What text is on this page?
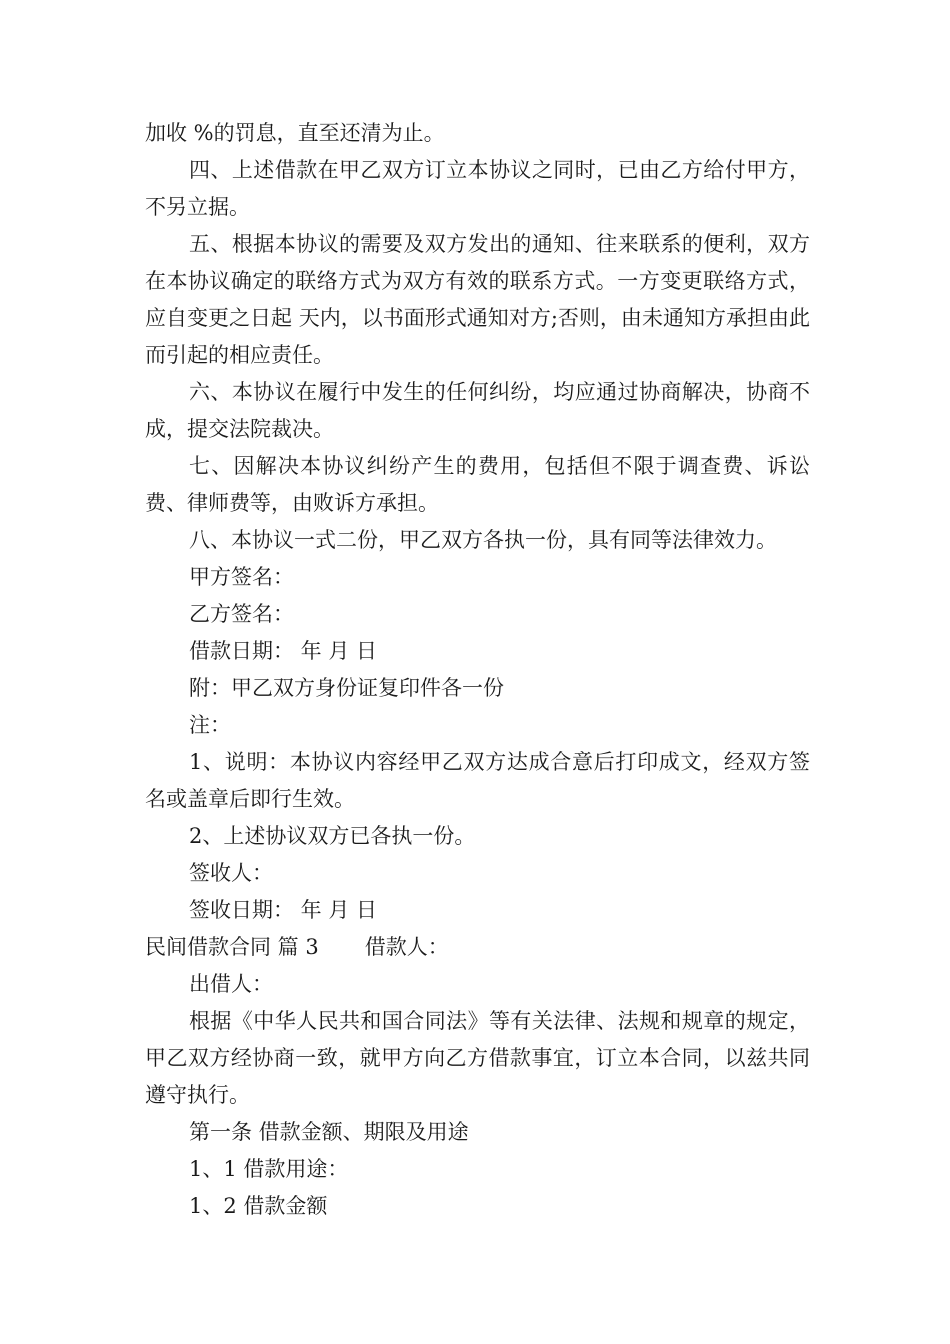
加收 %的罚息，直至还清为止。

四、上述借款在甲乙双方订立本协议之同时，已由乙方给付甲方，不另立据。

五、根据本协议的需要及双方发出的通知、往来联系的便利，双方在本协议确定的联络方式为双方有效的联系方式。一方变更联络方式，应自变更之日起 天内，以书面形式通知对方;否则，由未通知方承担由此而引起的相应责任。

六、本协议在履行中发生的任何纠纷，均应通过协商解决，协商不成，提交法院裁决。

七、因解决本协议纠纷产生的费用，包括但不限于调查费、诉讼费、律师费等，由败诉方承担。

八、本协议一式二份，甲乙双方各执一份，具有同等法律效力。

甲方签名：

乙方签名：

借款日期： 年 月 日

附：甲乙双方身份证复印件各一份

注：

1、说明：本协议内容经甲乙双方达成合意后打印成文，经双方签名或盖章后即行生效。

2、上述协议双方已各执一份。

签收人：

签收日期： 年 月 日

民间借款合同 篇 3 借款人：

出借人：

根据《中华人民共和国合同法》等有关法律、法规和规章的规定，甲乙双方经协商一致，就甲方向乙方借款事宜，订立本合同，以兹共同遵守执行。

第一条 借款金额、期限及用途

1、1 借款用途：

1、2 借款金额
